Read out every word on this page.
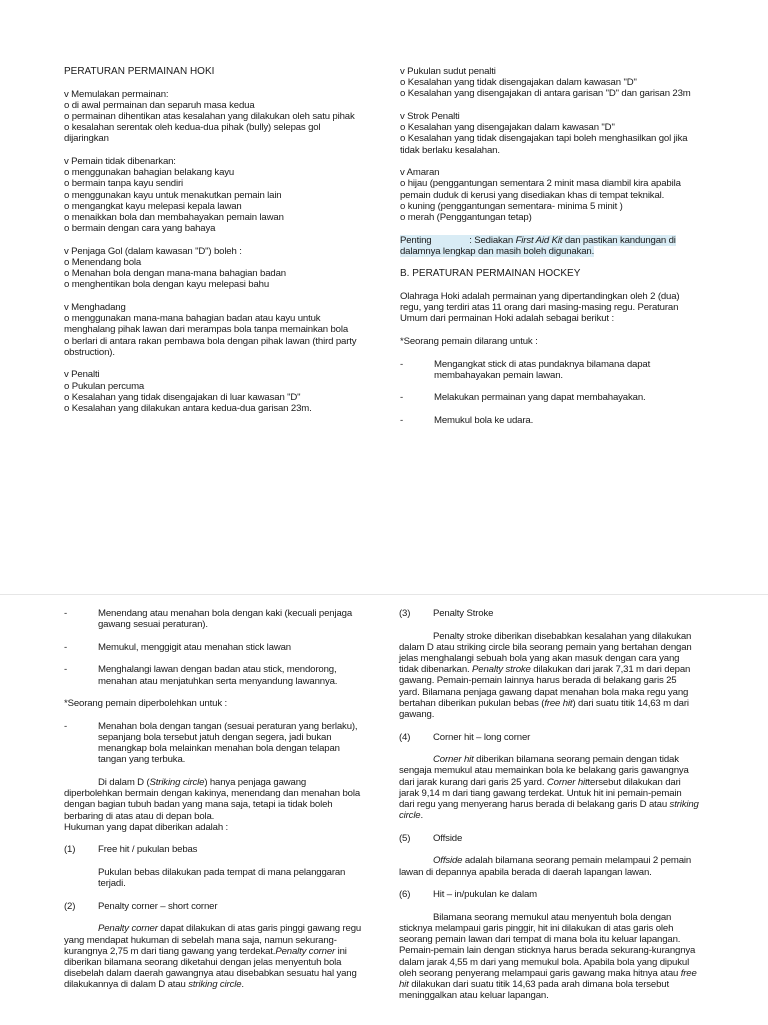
PERATURAN PERMAINAN HOKI
v Memulakan permainan:
o di awal permainan dan separuh masa kedua
o permainan dihentikan atas kesalahan yang dilakukan oleh satu pihak
o kesalahan serentak oleh kedua-dua pihak (bully) selepas gol
dijaringkan
v Pemain tidak dibenarkan:
o menggunakan bahagian belakang kayu
o bermain tanpa kayu sendiri
o menggunakan kayu untuk menakutkan pemain lain
o mengangkat kayu melepasi kepala lawan
o menaikkan bola dan membahayakan pemain lawan
o bermain dengan cara yang bahaya
v Penjaga Gol (dalam kawasan "D") boleh :
o Menendang bola
o Menahan bola dengan mana-mana bahagian badan
o menghentikan bola dengan kayu melepasi bahu
v Menghadang
o menggunakan mana-mana bahagian badan atau kayu untuk
menghalang pihak lawan dari merampas bola tanpa memainkan bola
o berlari di antara rakan pembawa bola dengan pihak lawan (third party
obstruction).
v Penalti
o Pukulan percuma
o Kesalahan yang tidak disengajakan di luar kawasan "D"
o Kesalahan yang dilakukan antara kedua-dua garisan 23m.
v Pukulan sudut penalti
o Kesalahan yang tidak disengajakan dalam kawasan "D"
o Kesalahan yang disengajakan di antara garisan "D" dan garisan 23m
v Strok Penalti
o Kesalahan yang disengajakan dalam kawasan "D"
o Kesalahan yang tidak disengajakan tapi boleh menghasilkan gol jika
tidak berlaku kesalahan.
v Amaran
o hijau (penggantungan sementara 2 minit masa diambil kira apabila
pemain duduk di kerusi yang disediakan khas di tempat teknikal.
o kuning (penggantungan sementara- minima 5 minit )
o merah (Penggantungan tetap)
Penting               : Sediakan First Aid Kit dan pastikan kandungan di
dalamnya lengkap dan masih boleh digunakan.
B. PERATURAN PERMAINAN HOCKEY
Olahraga Hoki adalah permainan yang dipertandingkan oleh 2 (dua) regu, yang terdiri atas 11 orang dari masing-masing regu. Peraturan Umum dari permainan Hoki adalah sebagai berikut :
*Seorang pemain dilarang untuk :
-	Mengangkat stick di atas pundaknya bilamana dapat membahayakan pemain lawan.
-	Melakukan permainan yang dapat membahayakan.
-	Memukul bola ke udara.
-	Menendang atau menahan bola dengan kaki (kecuali penjaga gawang sesuai peraturan).
-	Memukul, menggigit atau menahan stick lawan
-	Menghalangi lawan dengan badan atau stick, mendorong, menahan atau menjatuhkan serta menyandung lawannya.
*Seorang pemain diperbolehkan untuk :
-	Menahan bola dengan tangan (sesuai peraturan yang berlaku), sepanjang bola tersebut jatuh dengan segera, jadi bukan menangkap bola melainkan menahan bola dengan telapan tangan yang terbuka.
Di dalam D (Striking circle) hanya penjaga gawang diperbolehkan bermain dengan kakinya, menendang dan menahan bola dengan bagian tubuh badan yang mana saja, tetapi ia tidak boleh berbaring di atas atau di depan bola.
Hukuman yang dapat diberikan adalah :
(1)	Free hit / pukulan bebas
Pukulan bebas dilakukan pada tempat di mana pelanggaran terjadi.
(2)	Penalty corner – short corner
Penalty corner dapat dilakukan di atas garis pinggi gawang regu yang mendapat hukuman di sebelah mana saja, namun sekurang-kurangnya 2,75 m dari tiang gawang yang terdekat.Penalty corner ini diberikan bilamana seorang diketahui dengan jelas menyentuh bola disebelah dalam daerah gawangnya atau disebabkan sesuatu hal yang dilakukannya di dalam D atau striking circle.
(3)	Penalty Stroke
Penalty stroke diberikan disebabkan kesalahan yang dilakukan dalam D atau striking circle bila seorang pemain yang bertahan dengan jelas menghalangi sebuah bola yang akan masuk dengan cara yang tidak dibenarkan. Penalty stroke dilakukan dari jarak 7,31 m dari depan gawang. Pemain-pemain lainnya harus berada di belakang garis 25 yard. Bilamana penjaga gawang dapat menahan bola maka regu yang bertahan diberikan pukulan bebas (free hit) dari suatu titik 14,63 m dari gawang.
(4)	Corner hit – long corner
Corner hit diberikan bilamana seorang pemain dengan tidak sengaja memukul atau memainkan bola ke belakang garis gawangnya dari jarak kurang dari garis 25 yard. Corner hittersebut dilakukan dari jarak 9,14 m dari tiang gawang terdekat. Untuk hit ini pemain-pemain dari regu yang menyerang harus berada di belakang garis D atau striking circle.
(5)	Offside
Offside adalah bilamana seorang pemain melampaui 2 pemain lawan di depannya apabila berada di daerah lapangan lawan.
(6)	Hit – in/pukulan ke dalam
Bilamana seorang memukul atau menyentuh bola dengan sticknya melampaui garis pinggir, hit ini dilakukan di atas garis oleh seorang pemain lawan dari tempat di mana bola itu keluar lapangan. Pemain-pemain lain dengan sticknya harus berada sekurang-kurangnya dalam jarak 4,55 m dari yang memukul bola. Apabila bola yang dipukul oleh seorang penyerang melampaui garis gawang maka hitnya atau free hit dilakukan dari suatu titik 14,63 pada arah dimana bola tersebut meninggalkan atau keluar lapangan.
